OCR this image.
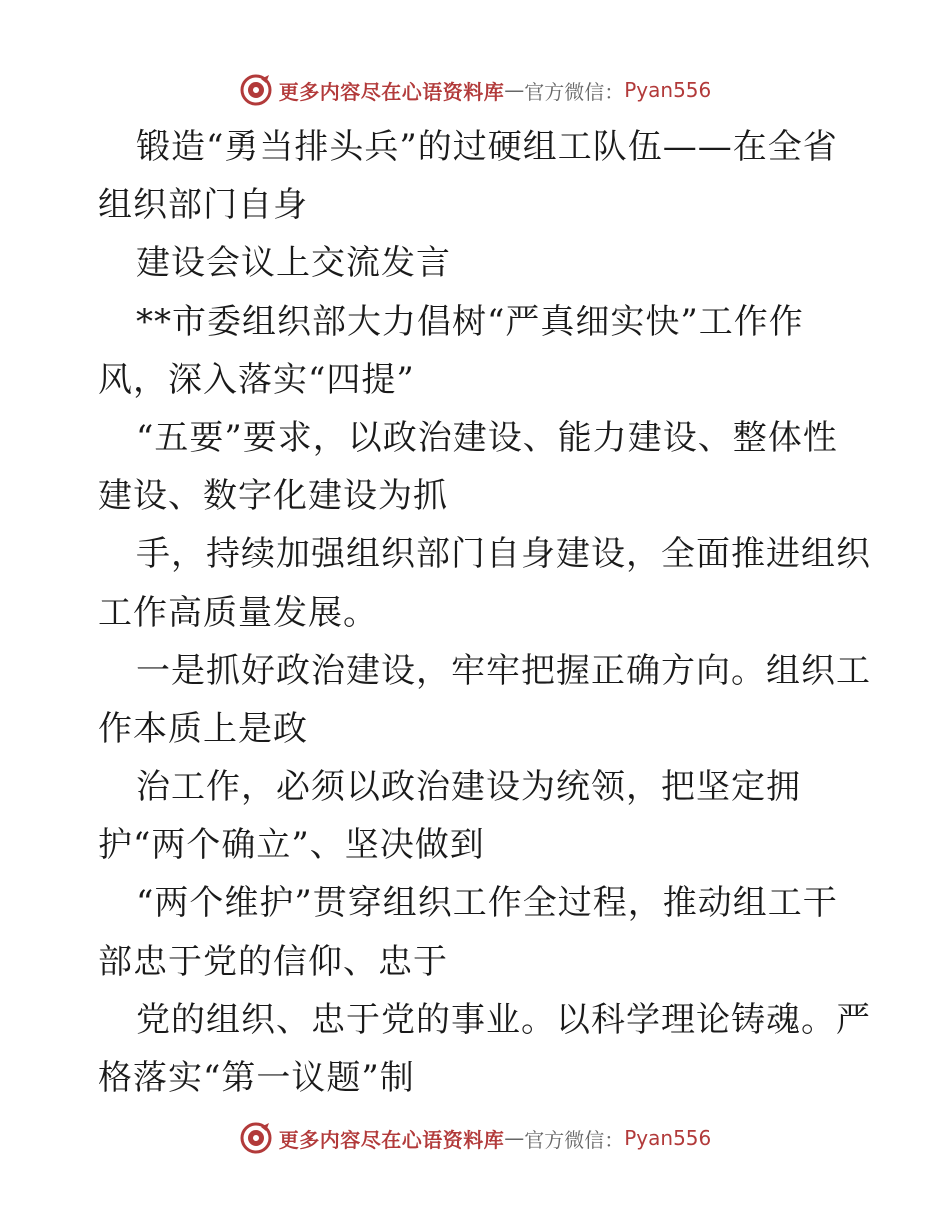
更多内容尽在心语资料库 — 官方微信： Pyan556
锻造“勇当排头兵”的过硬组工队伍——在全省
组织部门自身
建设会议上交流发言
**市委组织部大力倡树“严真细实快”工作作
风，深入落实“四提”
“五要”要求，以政治建设、能力建设、整体性
建设、数字化建设为抓
手，持续加强组织部门自身建设，全面推进组织
工作高质量发展。
一是抓好政治建设，牢牢把握正确方向。组织工
作本质上是政
治工作，必须以政治建设为统领，把坚定拥
护“两个确立”、坚决做到
“两个维护”贯穿组织工作全过程，推动组工干
部忠于党的信仰、忠于
党的组织、忠于党的事业。以科学理论铸魂。严
格落实“第一议题”制
更多内容尽在心语资料库 — 官方微信： Pyan556
